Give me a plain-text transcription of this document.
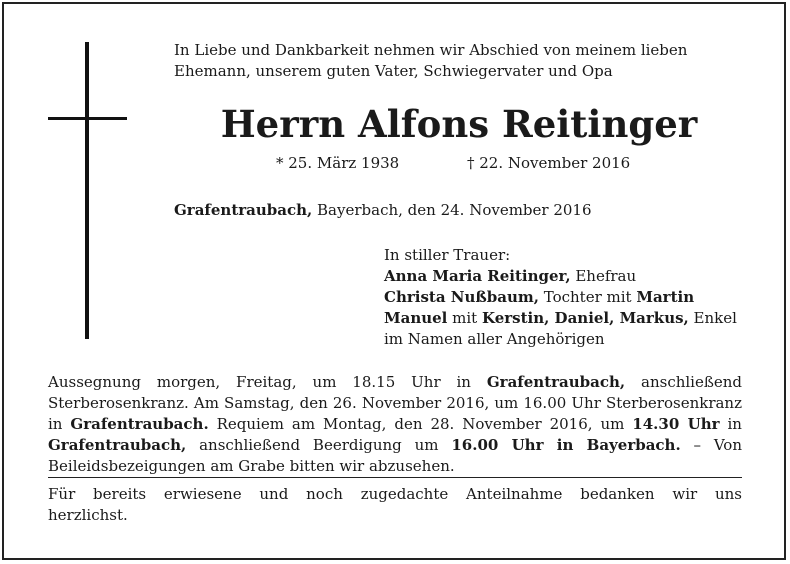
In Liebe und Dankbarkeit nehmen wir Abschied von meinem lieben
Ehemann, unserem guten Vater, Schwiegervater und Opa
Herrn Alfons Reitinger
* 25. März 1938	† 22. November 2016
Grafentraubach, Bayerbach, den 24. November 2016
In stiller Trauer:
Anna Maria Reitinger, Ehefrau
Christa Nußbaum, Tochter mit Martin
Manuel mit Kerstin, Daniel, Markus, Enkel
im Namen aller Angehörigen
Aussegnung morgen, Freitag, um 18.15 Uhr in Grafentraubach, anschließend Sterberosenkranz. Am Samstag, den 26. November 2016, um 16.00 Uhr Sterberosenkranz in Grafentraubach. Requiem am Montag, den 28. November 2016, um 14.30 Uhr in Grafentraubach, anschließend Beerdigung um 16.00 Uhr in Bayerbach. – Von Beileidsbezeigungen am Grabe bitten wir abzusehen.
Für bereits erwiesene und noch zugedachte Anteilnahme bedanken wir uns
herzlichst.
